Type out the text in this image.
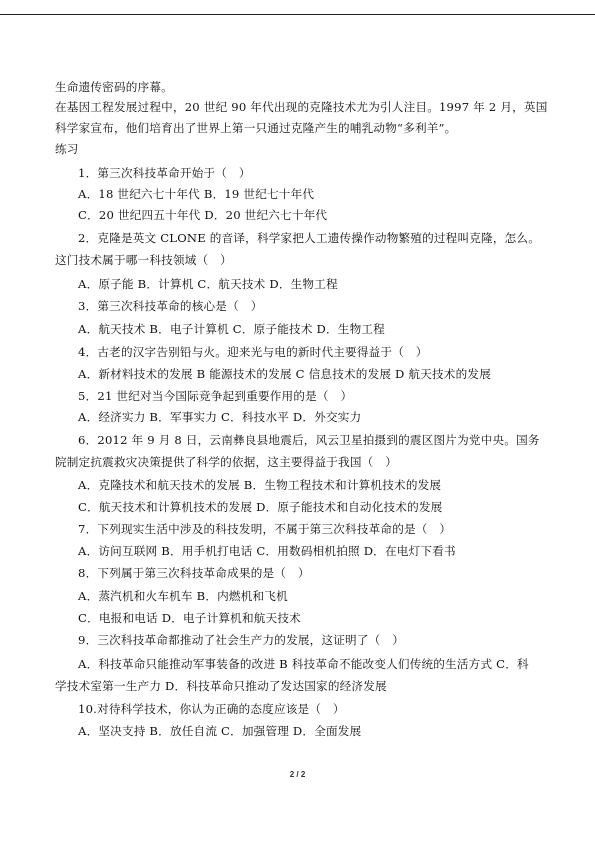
生命遗传密码的序幕。
在基因工程发展过程中，20 世纪 90 年代出现的克隆技术尤为引人注目。1997 年 2 月，英国
科学家宣布，他们培育出了世界上第一只通过克隆产生的哺乳动物“多利羊”。
练习
1．第三次科技革命开始于（　）
A．18 世纪六七十年代 B．19 世纪七十年代
C．20 世纪四五十年代 D．20 世纪六七十年代
2．克隆是英文 CLONE 的音译，科学家把人工遗传操作动物繁殖的过程叫克隆，怎么。
这门技术属于哪一科技领域（　）
A．原子能 B．计算机 C．航天技术 D．生物工程
3．第三次科技革命的核心是（　）
A．航天技术 B．电子计算机 C．原子能技术 D．生物工程
4．古老的汉字告别铅与火。迎来光与电的新时代主要得益于（　）
A．新材料技术的发展 B 能源技术的发展 C 信息技术的发展 D 航天技术的发展
5．21 世纪对当今国际竞争起到重要作用的是（　）
A．经济实力 B．军事实力 C．科技水平 D．外交实力
6．2012 年 9 月 8 日，云南彝良县地震后，风云卫星拍摄到的震区图片为党中央。国务
院制定抗震救灾决策提供了科学的依据，这主要得益于我国（　）
A．克隆技术和航天技术的发展 B．生物工程技术和计算机技术的发展
C．航天技术和计算机技术的发展 D．原子能技术和自动化技术的发展
7．下列现实生活中涉及的科技发明，不属于第三次科技革命的是（　）
A．访问互联网 B．用手机打电话 C．用数码相机拍照 D．在电灯下看书
8．下列属于第三次科技革命成果的是（　）
A．蒸汽机和火车机车 B．内燃机和飞机
C．电报和电话 D．电子计算机和航天技术
9．三次科技革命都推动了社会生产力的发展，这证明了（　）
A．科技革命只能推动军事装备的改进 B 科技革命不能改变人们传统的生活方式 C．科
学技术室第一生产力 D．科技革命只推动了发达国家的经济发展
10.对待科学技术，你认为正确的态度应该是（　）
A．坚决支持 B．放任自流 C．加强管理 D．全面发展
2 / 2
